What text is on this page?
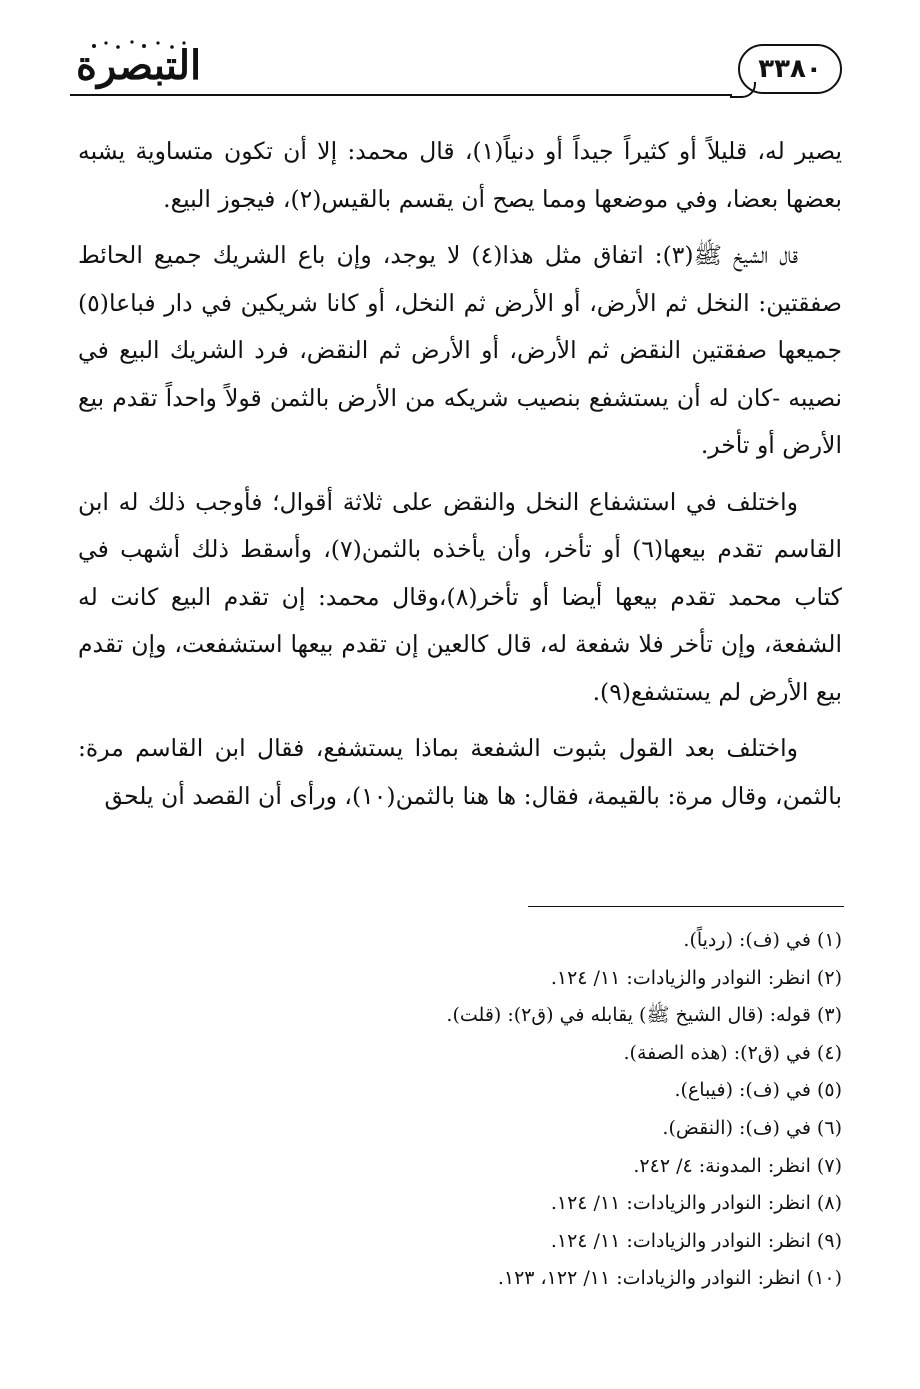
التبصرة	٣٣٨٠

يصير له، قليلاً أو كثيراً جيداً أو دنياً(١)، قال محمد: إلا أن تكون متساوية يشبه بعضها بعضا، وفي موضعها ومما يصح أن يقسم بالقيس(٢)، فيجوز البيع.

قال الشيخ ﷺ(٣): اتفاق مثل هذا(٤) لا يوجد، وإن باع الشريك جميع الحائط صفقتين: النخل ثم الأرض، أو الأرض ثم النخل، أو كانا شريكين في دار فباعا(٥) جميعها صفقتين النقض ثم الأرض، أو الأرض ثم النقض، فرد الشريك البيع في نصيبه -كان له أن يستشفع بنصيب شريكه من الأرض بالثمن قولاً واحداً تقدم بيع الأرض أو تأخر.

واختلف في استشفاع النخل والنقض على ثلاثة أقوال؛ فأوجب ذلك له ابن القاسم تقدم بيعها(٦) أو تأخر، وأن يأخذه بالثمن(٧)، وأسقط ذلك أشهب في كتاب محمد تقدم بيعها أيضا أو تأخر(٨)،وقال محمد: إن تقدم البيع كانت له الشفعة، وإن تأخر فلا شفعة له، قال كالعين إن تقدم بيعها استشفعت، وإن تقدم بيع الأرض لم يستشفع(٩).

واختلف بعد القول بثبوت الشفعة بماذا يستشفع، فقال ابن القاسم مرة: بالثمن، وقال مرة: بالقيمة، فقال: ها هنا بالثمن(١٠)، ورأى أن القصد أن يلحق

(١) في (ف): (ردياً).
(٢) انظر: النوادر والزيادات: ١١/ ١٢٤.
(٣) قوله: (قال الشيخ ﷺ) يقابله في (ق٢): (قلت).
(٤) في (ق٢): (هذه الصفة).
(٥) في (ف): (فيباع).
(٦) في (ف): (النقض).
(٧) انظر: المدونة: ٤/ ٢٤٢.
(٨) انظر: النوادر والزيادات: ١١/ ١٢٤.
(٩) انظر: النوادر والزيادات: ١١/ ١٢٤.
(١٠) انظر: النوادر والزيادات: ١١/ ١٢٢، ١٢٣.
